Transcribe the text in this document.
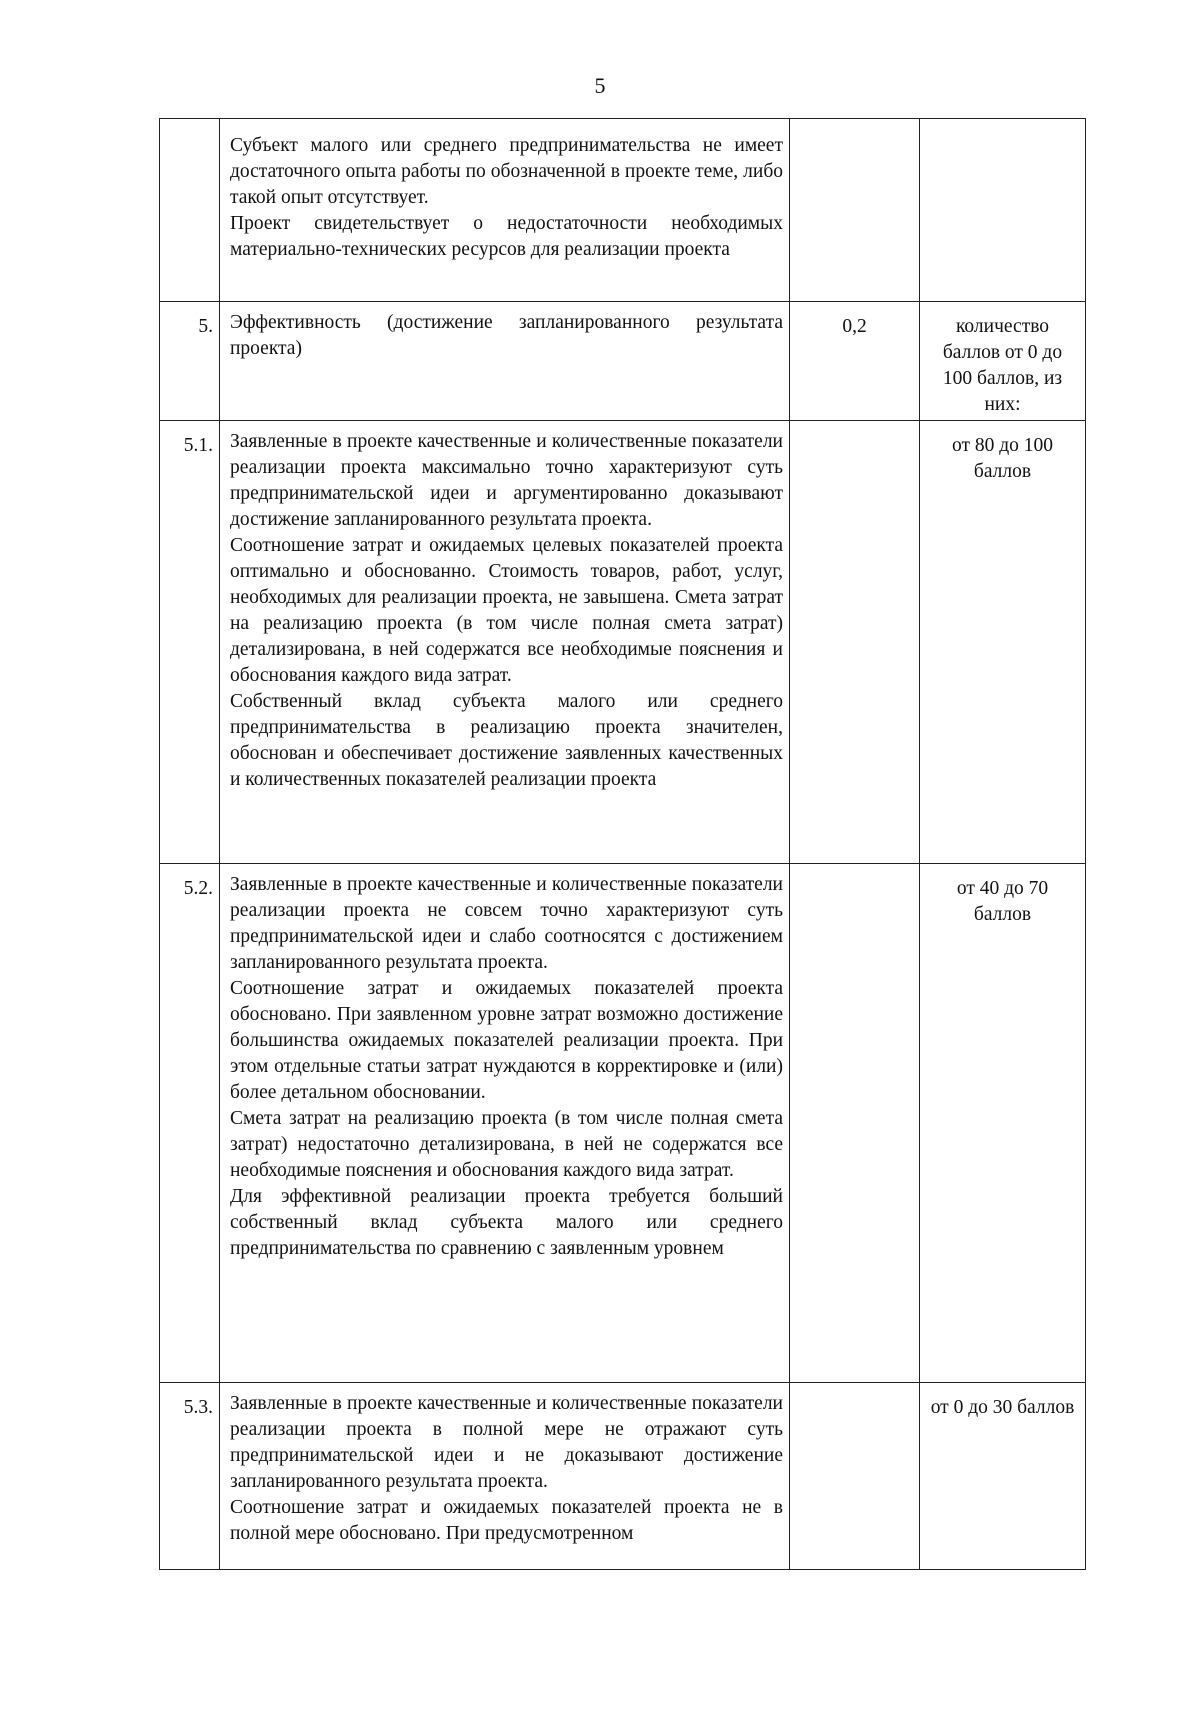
5

	Субъект малого или среднего предпринимательства не имеет достаточного опыта работы по обозначенной в проекте теме, либо такой опыт отсутствует.

Проект свидетельствует о недостаточности необходимых материально-технических ресурсов для реализации проекта		

5.	Эффективность (достижение запланированного результата проекта)	0,2	количество баллов от 0 до 100 баллов, из них:
5.1.	Заявленные в проекте качественные и количественные показатели реализации проекта максимально точно характеризуют суть предпринимательской идеи и аргументированно доказывают достижение запланированного результата проекта.

Соотношение затрат и ожидаемых целевых показателей проекта оптимально и обоснованно. Стоимость товаров, работ, услуг, необходимых для реализации проекта, не завышена. Смета затрат на реализацию проекта (в том числе полная смета затрат) детализирована, в ней содержатся все необходимые пояснения и обоснования каждого вида затрат.

Собственный вклад субъекта малого или среднего предпринимательства в реализацию проекта значителен, обоснован и обеспечивает достижение заявленных качественных и количественных показателей реализации проекта		от 80 до 100 баллов
5.2.	Заявленные в проекте качественные и количественные показатели реализации проекта не совсем точно характеризуют суть предпринимательской идеи и слабо соотносятся с достижением запланированного результата проекта.

Соотношение затрат и ожидаемых показателей проекта обосновано. При заявленном уровне затрат возможно достижение большинства ожидаемых показателей реализации проекта. При этом отдельные статьи затрат нуждаются в корректировке и (или) более детальном обосновании.

Смета затрат на реализацию проекта (в том числе полная смета затрат) недостаточно детализирована, в ней не содержатся все необходимые пояснения и обоснования каждого вида затрат.

Для эффективной реализации проекта требуется больший собственный вклад субъекта малого или среднего предпринимательства по сравнению с заявленным уровнем		от 40 до 70 баллов
5.3.	Заявленные в проекте качественные и количественные показатели реализации проекта в полной мере не отражают суть предпринимательской идеи и не доказывают достижение запланированного результата проекта.

Соотношение затрат и ожидаемых показателей проекта не в полной мере обосновано. При предусмотренном		от 0 до 30 баллов
